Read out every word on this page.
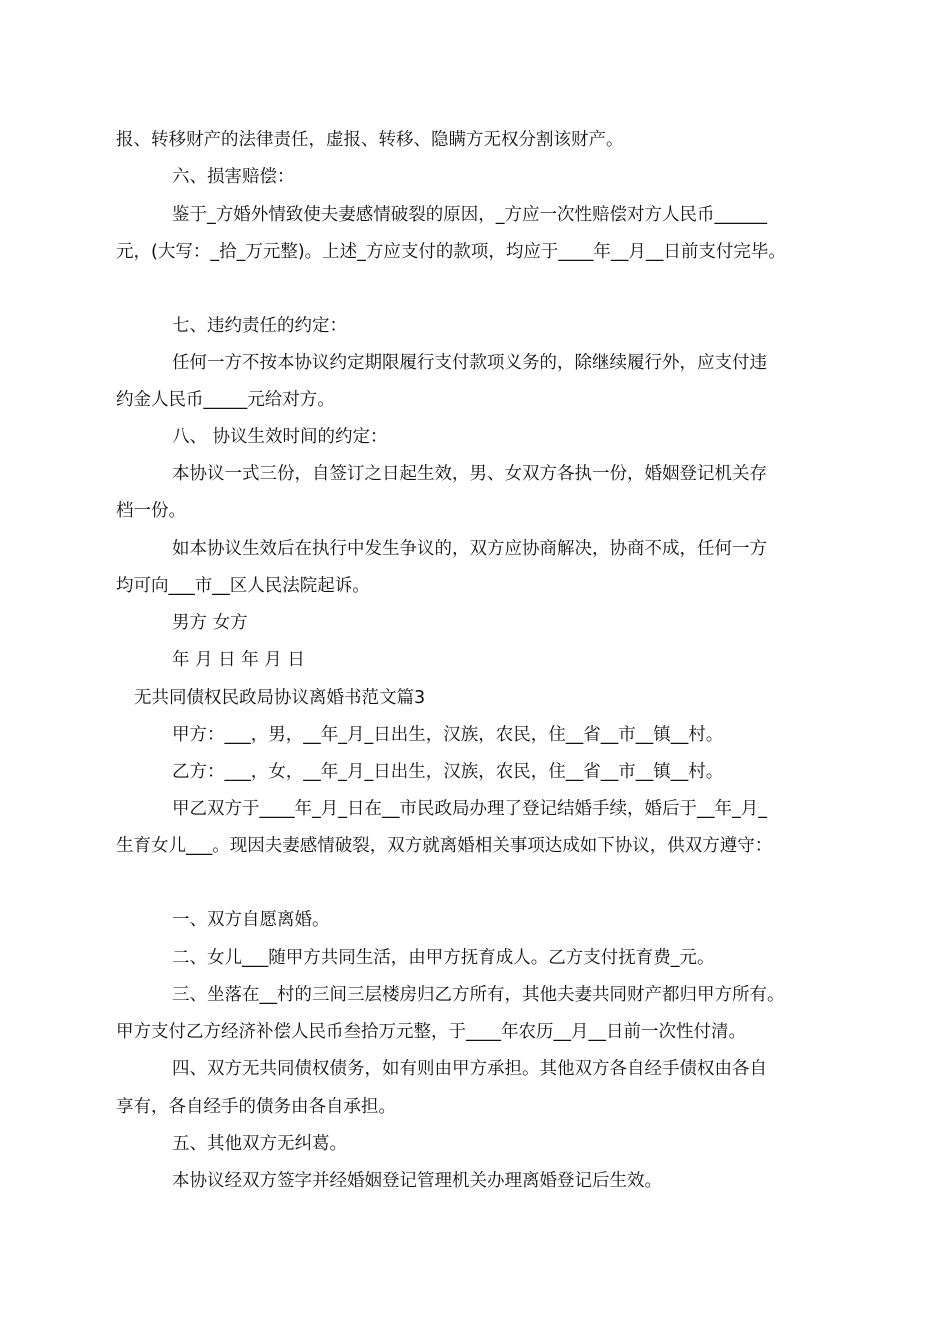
报、转移财产的法律责任，虚报、转移、隐瞒方无权分割该财产。
六、损害赔偿：
鉴于_方婚外情致使夫妻感情破裂的原因，_方应一次性赔偿对方人民币______
元，(大写：_拾_万元整)。上述_方应支付的款项，均应于____年__月__日前支付完毕。
七、违约责任的约定：
任何一方不按本协议约定期限履行支付款项义务的，除继续履行外，应支付违
约金人民币_____元给对方。
八、 协议生效时间的约定：
本协议一式三份，自签订之日起生效，男、女双方各执一份，婚姻登记机关存
档一份。
如本协议生效后在执行中发生争议的，双方应协商解决，协商不成，任何一方
均可向___市__区人民法院起诉。
男方 女方
年 月 日 年 月 日
无共同债权民政局协议离婚书范文篇3
甲方：___，男，__年_月_日出生，汉族，农民，住__省__市__镇__村。
乙方：___，女，__年_月_日出生，汉族，农民，住__省__市__镇__村。
甲乙双方于____年_月_日在__市民政局办理了登记结婚手续，婚后于__年_月_
生育女儿___。现因夫妻感情破裂，双方就离婚相关事项达成如下协议，供双方遵守：
一、双方自愿离婚。
二、女儿___随甲方共同生活，由甲方抚育成人。乙方支付抚育费_元。
三、坐落在__村的三间三层楼房归乙方所有，其他夫妻共同财产都归甲方所有。
甲方支付乙方经济补偿人民币叁拾万元整，于____年农历__月__日前一次性付清。
四、双方无共同债权债务，如有则由甲方承担。其他双方各自经手债权由各自
享有，各自经手的债务由各自承担。
五、其他双方无纠葛。
本协议经双方签字并经婚姻登记管理机关办理离婚登记后生效。
